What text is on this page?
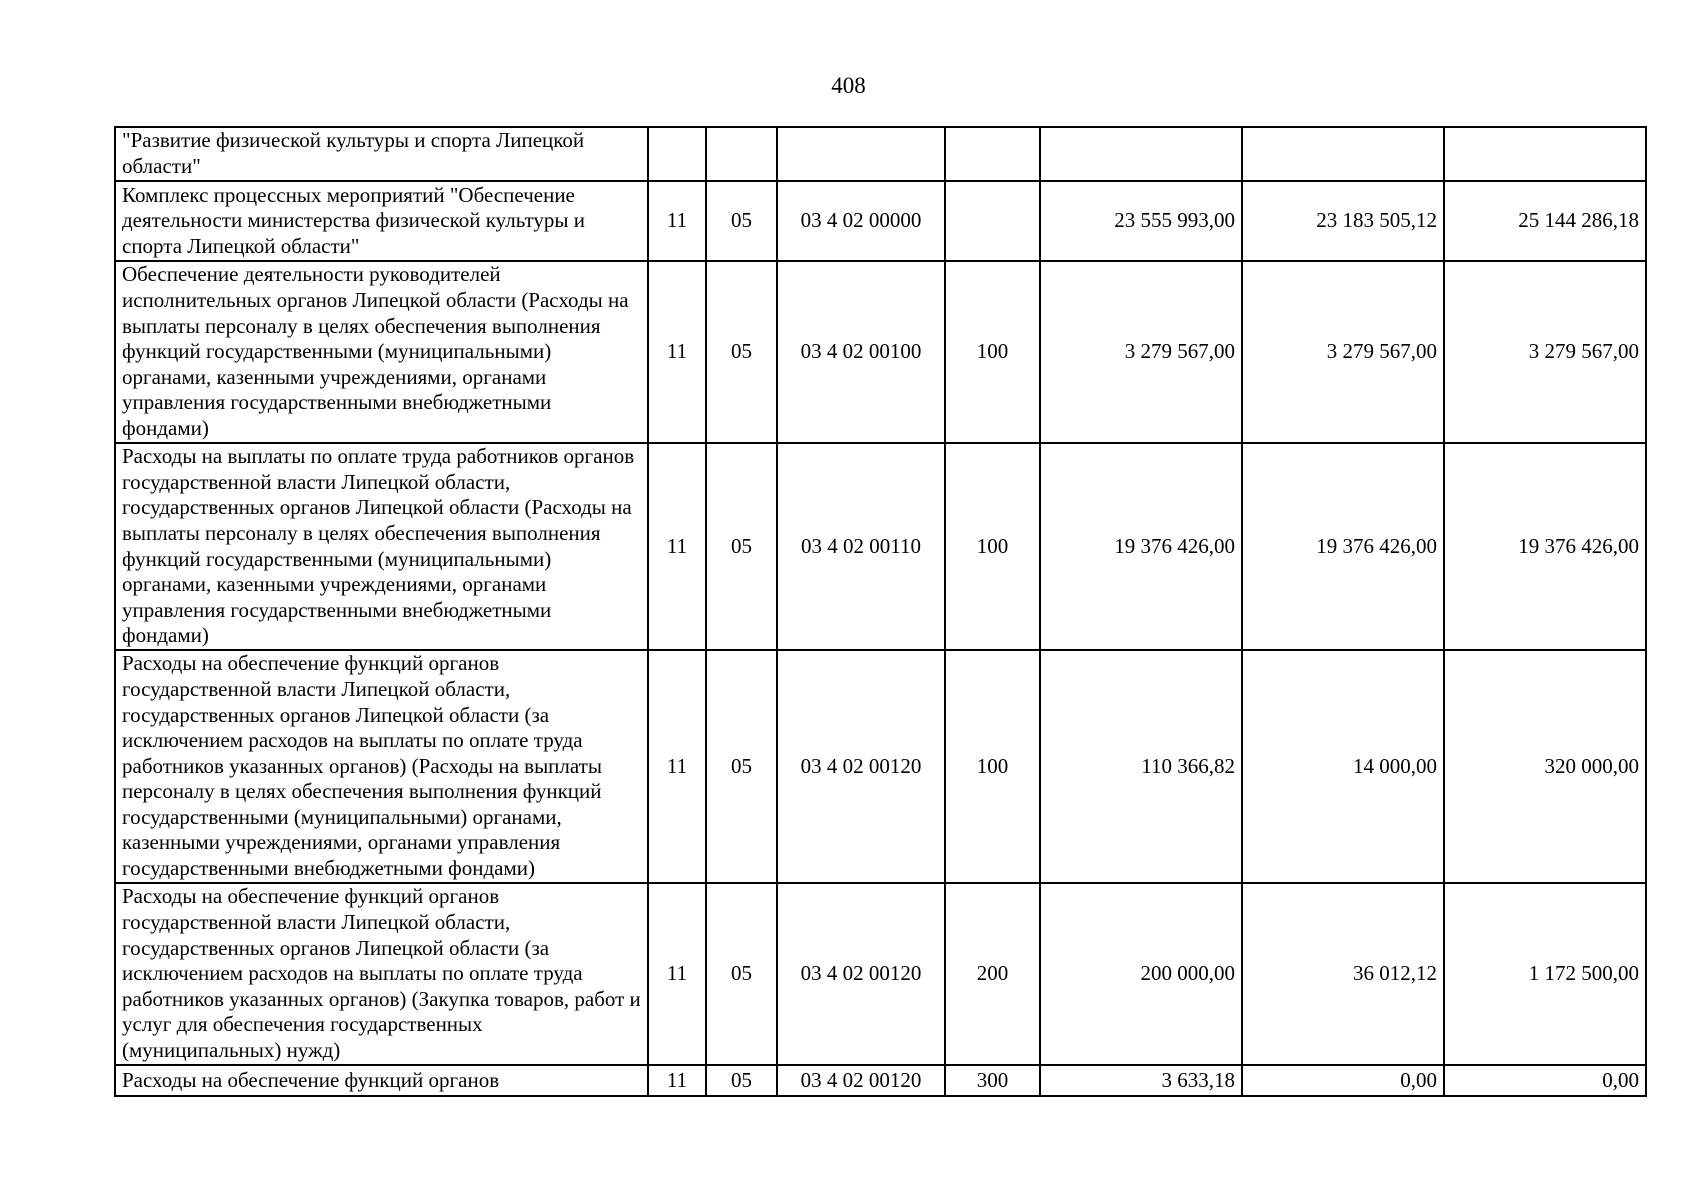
408
"Развитие физической культуры и спорта Липецкой области"							
Комплекс процессных мероприятий "Обеспечение деятельности министерства физической культуры и спорта Липецкой области"	11	05	03 4 02 00000		23 555 993,00	23 183 505,12	25 144 286,18
Обеспечение деятельности руководителей исполнительных органов Липецкой области (Расходы на выплаты персоналу в целях обеспечения выполнения функций государственными (муниципальными) органами, казенными учреждениями, органами управления государственными внебюджетными фондами)	11	05	03 4 02 00100	100	3 279 567,00	3 279 567,00	3 279 567,00
Расходы на выплаты по оплате труда работников органов государственной власти Липецкой области, государственных органов Липецкой области (Расходы на выплаты персоналу в целях обеспечения выполнения функций государственными (муниципальными) органами, казенными учреждениями, органами управления государственными внебюджетными фондами)	11	05	03 4 02 00110	100	19 376 426,00	19 376 426,00	19 376 426,00
Расходы на обеспечение функций органов государственной власти Липецкой области, государственных органов Липецкой области (за исключением расходов на выплаты по оплате труда работников указанных органов) (Расходы на выплаты персоналу в целях обеспечения выполнения функций государственными (муниципальными) органами, казенными учреждениями, органами управления государственными внебюджетными фондами)	11	05	03 4 02 00120	100	110 366,82	14 000,00	320 000,00
Расходы на обеспечение функций органов государственной власти Липецкой области, государственных органов Липецкой области (за исключением расходов на выплаты по оплате труда работников указанных органов) (Закупка товаров, работ и услуг для обеспечения государственных (муниципальных) нужд)	11	05	03 4 02 00120	200	200 000,00	36 012,12	1 172 500,00
Расходы на обеспечение функций органов	11	05	03 4 02 00120	300	3 633,18	0,00	0,00
